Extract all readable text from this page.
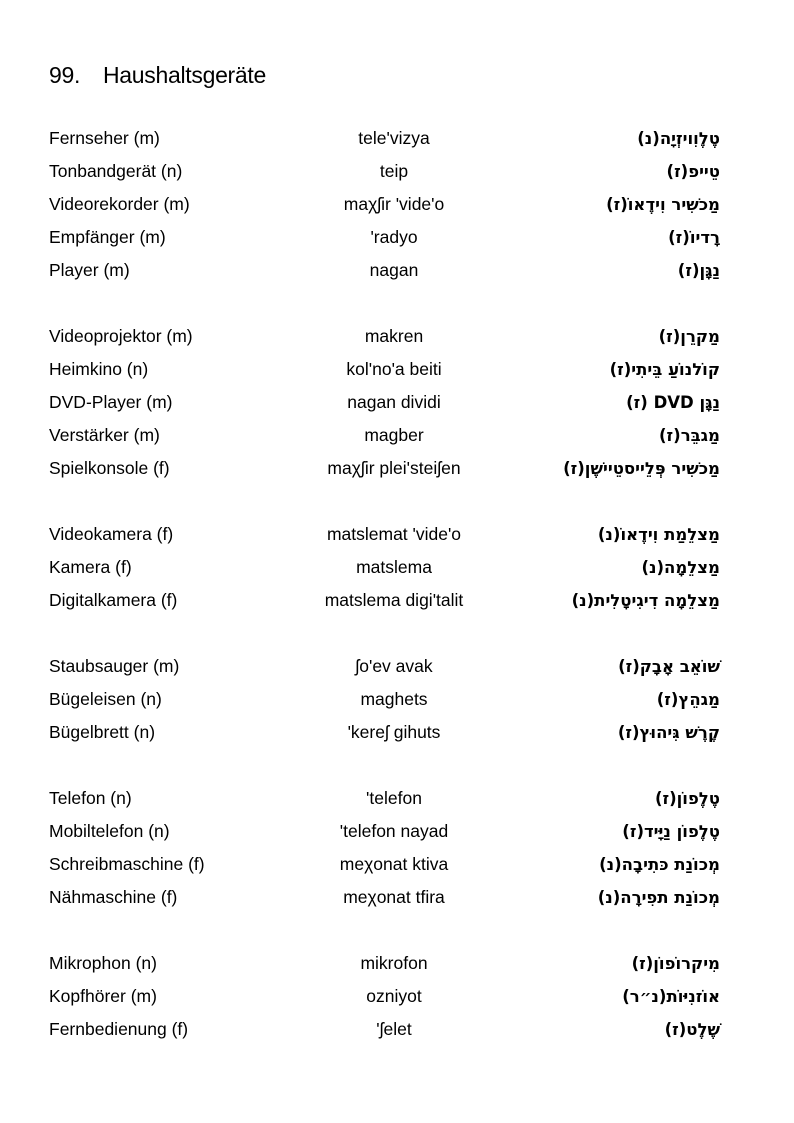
99. Haushaltsgeräte
Fernseher (m)	tele'vizya	טֶלֶוִויזְיָה(נ)
Tonbandgerät (n)	teip	טֵייפ(ז)
Videorekorder (m)	maχʃir 'vide'o	מַכשִׁיר וִידֶאוֹ(ז)
Empfänger (m)	'radyo	רָדיוֹ(ז)
Player (m)	nagan	נַגָּן(ז)
Videoprojektor (m)	makren	מַקרֵן(ז)
Heimkino (n)	kol'no'a beiti	קוֹלנוֹעַ בֵּיתִי(ז)
DVD-Player (m)	nagan dividi	נַגָּן DVD (ז)
Verstärker (m)	magber	מַגבֵּר(ז)
Spielkonsole (f)	maχʃir plei'steiʃen	מַכשִׁיר פְּלֵייסטֵיישֶׁן(ז)
Videokamera (f)	matslemat 'vide'o	מַצלֵמַת וִידֶאוֹ(נ)
Kamera (f)	matslema	מַצלֵמָה(נ)
Digitalkamera (f)	matslema digi'talit	מַצלֵמָה דִיגִיטָלִית(נ)
Staubsauger (m)	ʃo'ev avak	שׁוֹאֵב אָבָק(ז)
Bügeleisen (n)	maghets	מַגהֵץ(ז)
Bügelbrett (n)	'kereʃ gihuts	קֶרֶשׁ גִּיהוּץ(ז)
Telefon (n)	'telefon	טֶלֶפוֹן(ז)
Mobiltelefon (n)	'telefon nayad	טֶלֶפוֹן נַיָּיד(ז)
Schreibmaschine (f)	meχonat ktiva	מְכוֹנַת כּתִיבָה(נ)
Nähmaschine (f)	meχonat tfira	מְכוֹנַת תפִירָה(נ)
Mikrophon (n)	mikrofon	מִיקרוֹפוֹן(ז)
Kopfhörer (m)	ozniyot	אוֹזנִיּוֹת(נ״ר)
Fernbedienung (f)	'ʃelet	שֶׁלֶט(ז)
